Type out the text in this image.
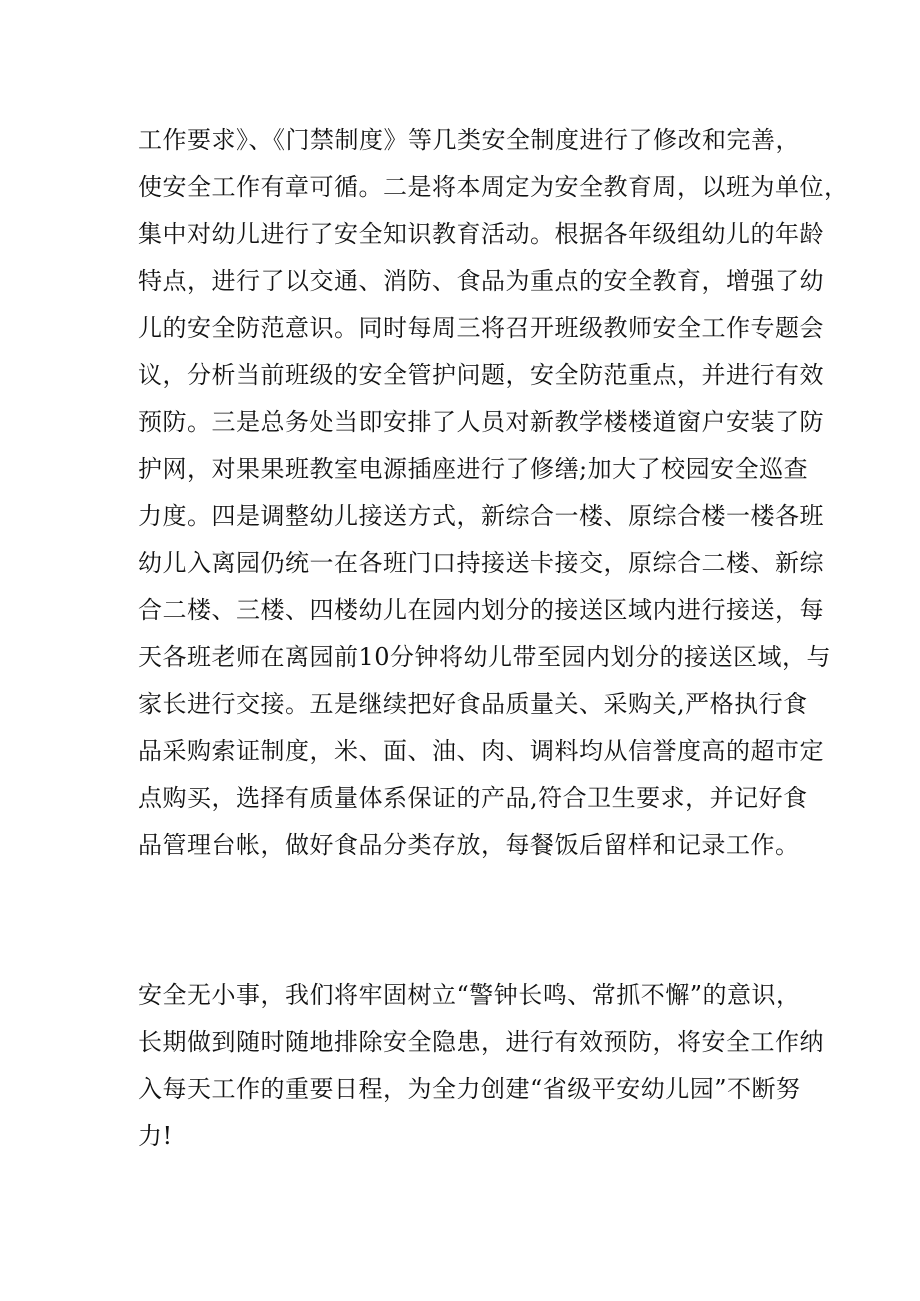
工作要求》、《门禁制度》等几类安全制度进行了修改和完善，
使安全工作有章可循。二是将本周定为安全教育周，以班为单位，
集中对幼儿进行了安全知识教育活动。根据各年级组幼儿的年龄
特点，进行了以交通、消防、食品为重点的安全教育，增强了幼
儿的安全防范意识。同时每周三将召开班级教师安全工作专题会
议，分析当前班级的安全管护问题，安全防范重点，并进行有效
预防。三是总务处当即安排了人员对新教学楼楼道窗户安装了防
护网，对果果班教室电源插座进行了修缮;加大了校园安全巡查
力度。四是调整幼儿接送方式，新综合一楼、原综合楼一楼各班
幼儿入离园仍统一在各班门口持接送卡接交，原综合二楼、新综
合二楼、三楼、四楼幼儿在园内划分的接送区域内进行接送，每
天各班老师在离园前10分钟将幼儿带至园内划分的接送区域，与
家长进行交接。五是继续把好食品质量关、采购关,严格执行食
品采购索证制度，米、面、油、肉、调料均从信誉度高的超市定
点购买，选择有质量体系保证的产品,符合卫生要求，并记好食
品管理台帐，做好食品分类存放，每餐饭后留样和记录工作。
安全无小事，我们将牢固树立“警钟长鸣、常抓不懈”的意识，
长期做到随时随地排除安全隐患，进行有效预防，将安全工作纳
入每天工作的重要日程，为全力创建“省级平安幼儿园”不断努
力!
